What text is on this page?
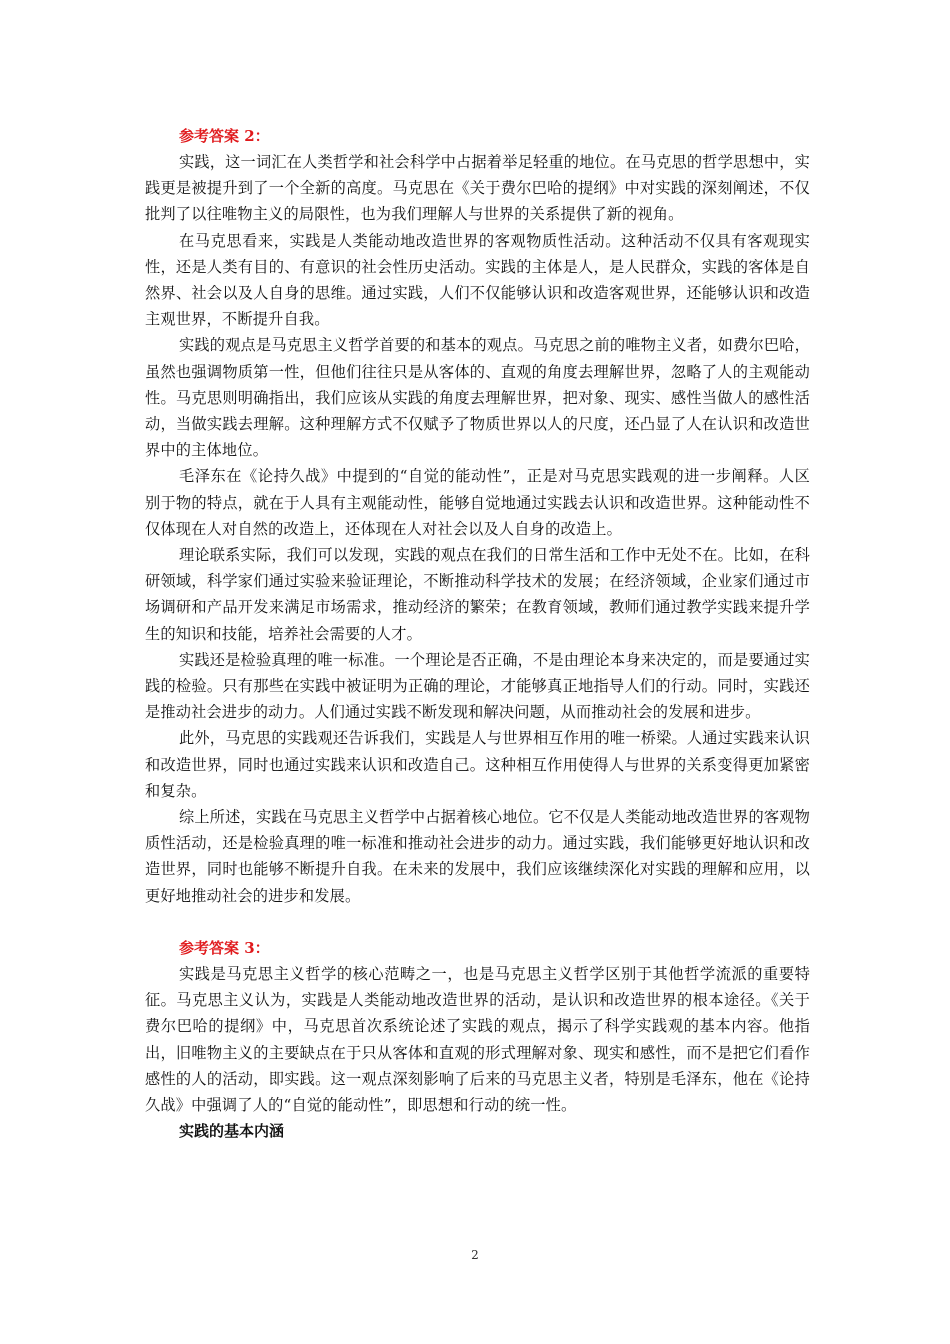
参考答案 2：

实践，这一词汇在人类哲学和社会科学中占据着举足轻重的地位。在马克思的哲学思想中，实践更是被提升到了一个全新的高度。马克思在《关于费尔巴哈的提纲》中对实践的深刻阐述，不仅批判了以往唯物主义的局限性，也为我们理解人与世界的关系提供了新的视角。

在马克思看来，实践是人类能动地改造世界的客观物质性活动。这种活动不仅具有客观现实性，还是人类有目的、有意识的社会性历史活动。实践的主体是人，是人民群众，实践的客体是自然界、社会以及人自身的思维。通过实践，人们不仅能够认识和改造客观世界，还能够认识和改造主观世界，不断提升自我。

实践的观点是马克思主义哲学首要的和基本的观点。马克思之前的唯物主义者，如费尔巴哈，虽然也强调物质第一性，但他们往往只是从客体的、直观的角度去理解世界，忽略了人的主观能动性。马克思则明确指出，我们应该从实践的角度去理解世界，把对象、现实、感性当做人的感性活动，当做实践去理解。这种理解方式不仅赋予了物质世界以人的尺度，还凸显了人在认识和改造世界中的主体地位。

毛泽东在《论持久战》中提到的“自觉的能动性”，正是对马克思实践观的进一步阐释。人区别于物的特点，就在于人具有主观能动性，能够自觉地通过实践去认识和改造世界。这种能动性不仅体现在人对自然的改造上，还体现在人对社会以及人自身的改造上。

理论联系实际，我们可以发现，实践的观点在我们的日常生活和工作中无处不在。比如，在科研领域，科学家们通过实验来验证理论，不断推动科学技术的发展；在经济领域，企业家们通过市场调研和产品开发来满足市场需求，推动经济的繁荣；在教育领域，教师们通过教学实践来提升学生的知识和技能，培养社会需要的人才。

实践还是检验真理的唯一标准。一个理论是否正确，不是由理论本身来决定的，而是要通过实践的检验。只有那些在实践中被证明为正确的理论，才能够真正地指导人们的行动。同时，实践还是推动社会进步的动力。人们通过实践不断发现和解决问题，从而推动社会的发展和进步。

此外，马克思的实践观还告诉我们，实践是人与世界相互作用的唯一桥梁。人通过实践来认识和改造世界，同时也通过实践来认识和改造自己。这种相互作用使得人与世界的关系变得更加紧密和复杂。

综上所述，实践在马克思主义哲学中占据着核心地位。它不仅是人类能动地改造世界的客观物质性活动，还是检验真理的唯一标准和推动社会进步的动力。通过实践，我们能够更好地认识和改造世界，同时也能够不断提升自我。在未来的发展中，我们应该继续深化对实践的理解和应用，以更好地推动社会的进步和发展。

参考答案 3：

实践是马克思主义哲学的核心范畴之一，也是马克思主义哲学区别于其他哲学流派的重要特征。马克思主义认为，实践是人类能动地改造世界的活动，是认识和改造世界的根本途径。《关于费尔巴哈的提纲》中，马克思首次系统论述了实践的观点，揭示了科学实践观的基本内容。他指出，旧唯物主义的主要缺点在于只从客体和直观的形式理解对象、现实和感性，而不是把它们看作感性的人的活动，即实践。这一观点深刻影响了后来的马克思主义者，特别是毛泽东，他在《论持久战》中强调了人的“自觉的能动性”，即思想和行动的统一性。

实践的基本内涵

2
